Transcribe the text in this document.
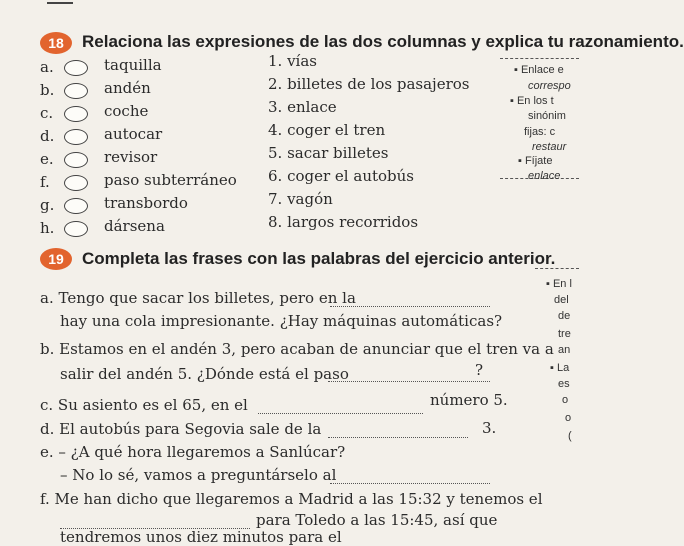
18	Relaciona las expresiones de las dos columnas y explica tu razonamiento.
a.	taquilla
b.	andén
c.	coche
d.	autocar
e.	revisor
f.	paso subterráneo
g.	transbordo
h.	dársena
1. vías
2. billetes de los pasajeros
3. enlace
4. coger el tren
5. sacar billetes
6. coger el autobús
7. vagón
8. largos recorridos
▪ Enlace e
correspo
▪ En los t
sinónim
fijas: c
restaur
▪ Fíjate
enlace
19	Completa las frases con las palabras del ejercicio anterior.
a. Tengo que sacar los billetes, pero en la
hay una cola impresionante. ¿Hay máquinas automáticas?
b. Estamos en el andén 3, pero acaban de anunciar que el tren va a
salir del andén 5. ¿Dónde está el paso	?
c. Su asiento es el 65, en el	número 5.
d. El autobús para Segovia sale de la	3.
e. – ¿A qué hora llegaremos a Sanlúcar?
– No lo sé, vamos a preguntárselo al
f. Me han dicho que llegaremos a Madrid a las 15:32 y tenemos el
para Toledo a las 15:45, así que
tendremos unos diez minutos para el
▪ En l
del
de
tre
an
▪ La
es
o
o
(
